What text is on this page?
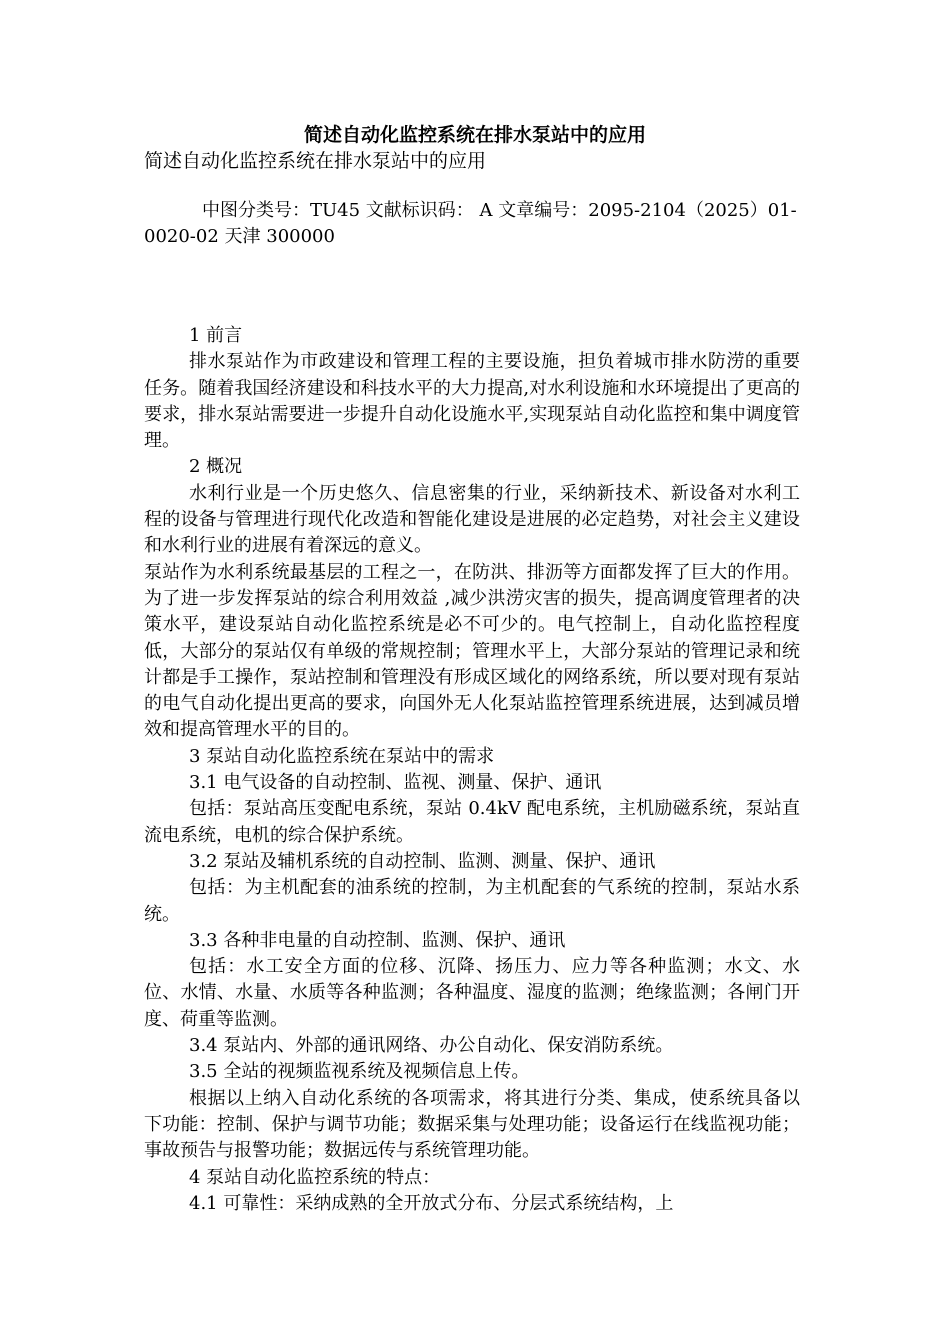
简述自动化监控系统在排水泵站中的应用
简述自动化监控系统在排水泵站中的应用
中图分类号：TU45 文献标识码： A 文章编号：2095-2104（2025）01-0020-02 天津 300000

1 前言

排水泵站作为市政建设和管理工程的主要设施，担负着城市排水防涝的重要任务。随着我国经济建设和科技水平的大力提高,对水利设施和水环境提出了更高的要求，排水泵站需要进一步提升自动化设施水平,实现泵站自动化监控和集中调度管理。

2 概况

水利行业是一个历史悠久、信息密集的行业，采纳新技术、新设备对水利工程的设备与管理进行现代化改造和智能化建设是进展的必定趋势，对社会主义建设和水利行业的进展有着深远的意义。

泵站作为水利系统最基层的工程之一，在防洪、排沥等方面都发挥了巨大的作用。为了进一步发挥泵站的综合利用效益 ,减少洪涝灾害的损失，提高调度管理者的决策水平，建设泵站自动化监控系统是必不可少的。电气控制上，自动化监控程度低，大部分的泵站仅有单级的常规控制；管理水平上，大部分泵站的管理记录和统计都是手工操作，泵站控制和管理没有形成区域化的网络系统，所以要对现有泵站的电气自动化提出更高的要求，向国外无人化泵站监控管理系统进展，达到减员增效和提高管理水平的目的。

3 泵站自动化监控系统在泵站中的需求

3.1 电气设备的自动控制、监视、测量、保护、通讯

包括：泵站高压变配电系统，泵站 0.4kV 配电系统，主机励磁系统，泵站直流电系统，电机的综合保护系统。

3.2 泵站及辅机系统的自动控制、监测、测量、保护、通讯

包括：为主机配套的油系统的控制，为主机配套的气系统的控制，泵站水系统。

3.3 各种非电量的自动控制、监测、保护、通讯

包括：水工安全方面的位移、沉降、扬压力、应力等各种监测；水文、水位、水情、水量、水质等各种监测；各种温度、湿度的监测；绝缘监测；各闸门开度、荷重等监测。

3.4 泵站内、外部的通讯网络、办公自动化、保安消防系统。

3.5 全站的视频监视系统及视频信息上传。

根据以上纳入自动化系统的各项需求，将其进行分类、集成，使系统具备以下功能：控制、保护与调节功能；数据采集与处理功能；设备运行在线监视功能；事故预告与报警功能；数据远传与系统管理功能。

4 泵站自动化监控系统的特点：

4.1 可靠性：采纳成熟的全开放式分布、分层式系统结构，上
